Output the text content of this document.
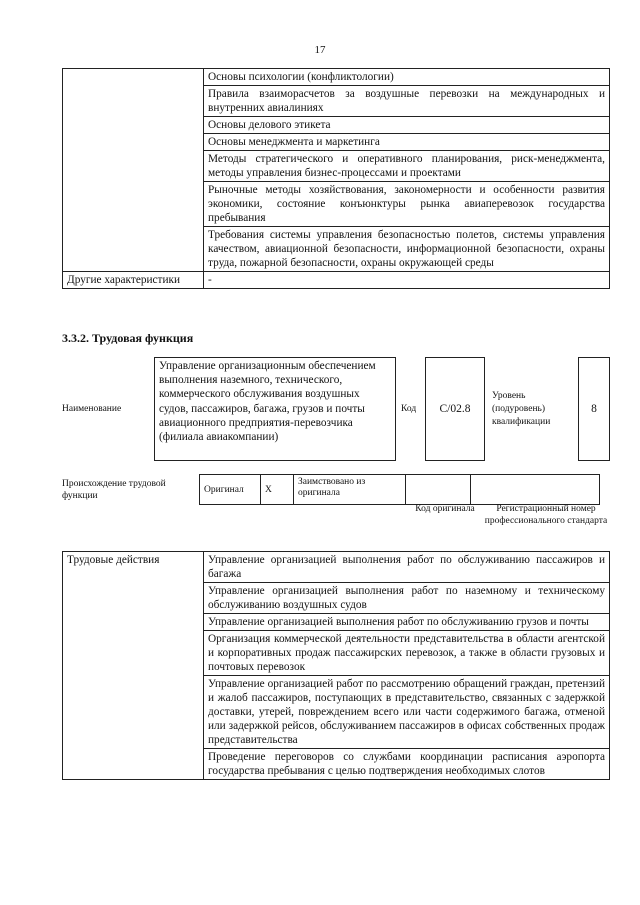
17
	Основы психологии (конфликтологии)
	Правила взаиморасчетов за воздушные перевозки на международных и внутренних авиалиниях
	Основы делового этикета
	Основы менеджмента и маркетинга
	Методы стратегического и оперативного планирования, риск-менеджмента, методы управления бизнес-процессами и проектами
	Рыночные методы хозяйствования, закономерности и особенности развития экономики, состояние конъюнктуры рынка авиаперевозок государства пребывания
	Требования системы управления безопасностью полетов, системы управления качеством, авиационной безопасности, информационной безопасности, охраны труда, пожарной безопасности, охраны окружающей среды
Другие характеристики	-
3.3.2. Трудовая функция
Наименование
Управление организационным обеспечением выполнения наземного, технического, коммерческого обслуживания воздушных судов, пассажиров, багажа, грузов и почты авиационного предприятия-перевозчика (филиала авиакомпании)
Код	C/02.8
Уровень (подуровень) квалификации
8
Происхождение трудовой функции
Оригинал	X	Заимствовано из оригинала		
Код оригинала	Регистрационный номер профессионального стандарта
Трудовые действия	Управление организацией выполнения работ по обслуживанию пассажиров и багажа
Управление организацией выполнения работ по наземному и техническому обслуживанию воздушных судов
Управление организацией выполнения работ по обслуживанию грузов и почты
Организация коммерческой деятельности представительства в области агентской и корпоративных продаж пассажирских перевозок, а также в области грузовых и почтовых перевозок
Управление организацией работ по рассмотрению обращений граждан, претензий и жалоб пассажиров, поступающих в представительство, связанных с задержкой доставки, утерей, повреждением всего или части содержимого багажа, отменой или задержкой рейсов, обслуживанием пассажиров в офисах собственных продаж представительства
Проведение переговоров со службами координации расписания аэропорта государства пребывания с целью подтверждения необходимых слотов
